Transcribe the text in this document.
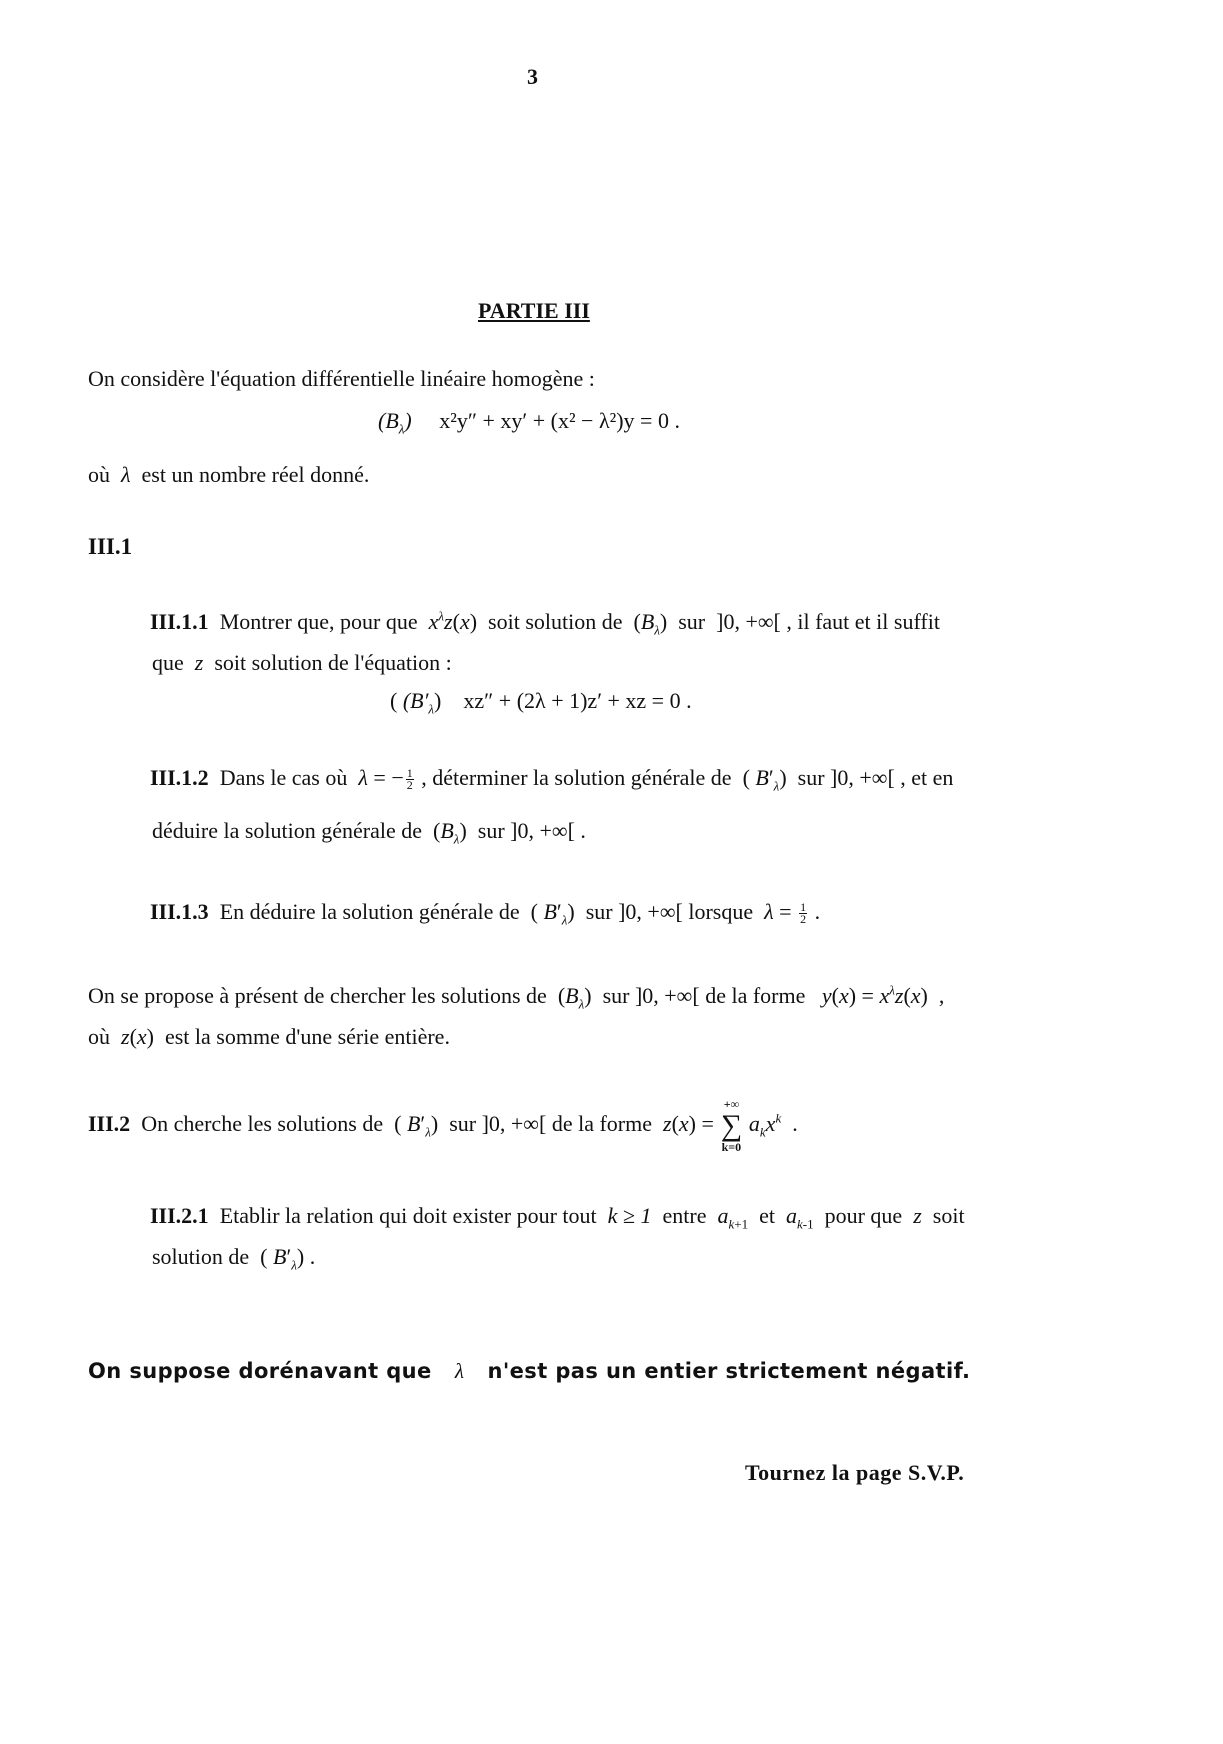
3
PARTIE III
On considère l'équation différentielle linéaire homogène :
$(B_\lambda)$     x²y″ + xy′ + (x² − λ²)y = 0 .
où λ est un nombre réel donné.
III.1
III.1.1 Montrer que, pour que  $x^\lambda z(x)$  soit solution de  $(B_\lambda)$  sur  ]0, +∞[ , il faut et il suffit
que  z  soit solution de l'équation :
( $(B'_\lambda) xz'' + (2\lambda + 1)z'$ + xz = 0 .
III.1.2 Dans le cas où λ = − $\frac{1}{2}$ , déterminer la solution générale de  ( $B'_\lambda$)  sur ]0, +∞[ , et en
déduire la solution générale de  $(B_\lambda)$  sur ]0, +∞[ .
III.1.3 En déduire la solution générale de  ( $B'_\lambda$)  sur ]0, +∞[ lorsque $\lambda = \frac{1}{2}$ .
On se propose à présent de chercher les solutions de  $(B_\lambda)$  sur ]0, +∞[ de la forme $y(x) = x^\lambda z(x)$  ,
où  z(x)  est la somme d'une série entière.
III.2 On cherche les solutions de  ( $B'_\lambda$)  sur ]0, +∞[ de la forme z(x) =
+∞
∑
k=0
$a_kx^k$  .
III.2.1 Etablir la relation qui doit exister pour tout k ≥ 1 entre $a_{k+1}$ et $a_{k-1}$ pour que z soit
solution de  ( $B'_\lambda$) .
On suppose dorénavant que λ n'est pas un entier strictement négatif.
Tournez la page S.V.P.
